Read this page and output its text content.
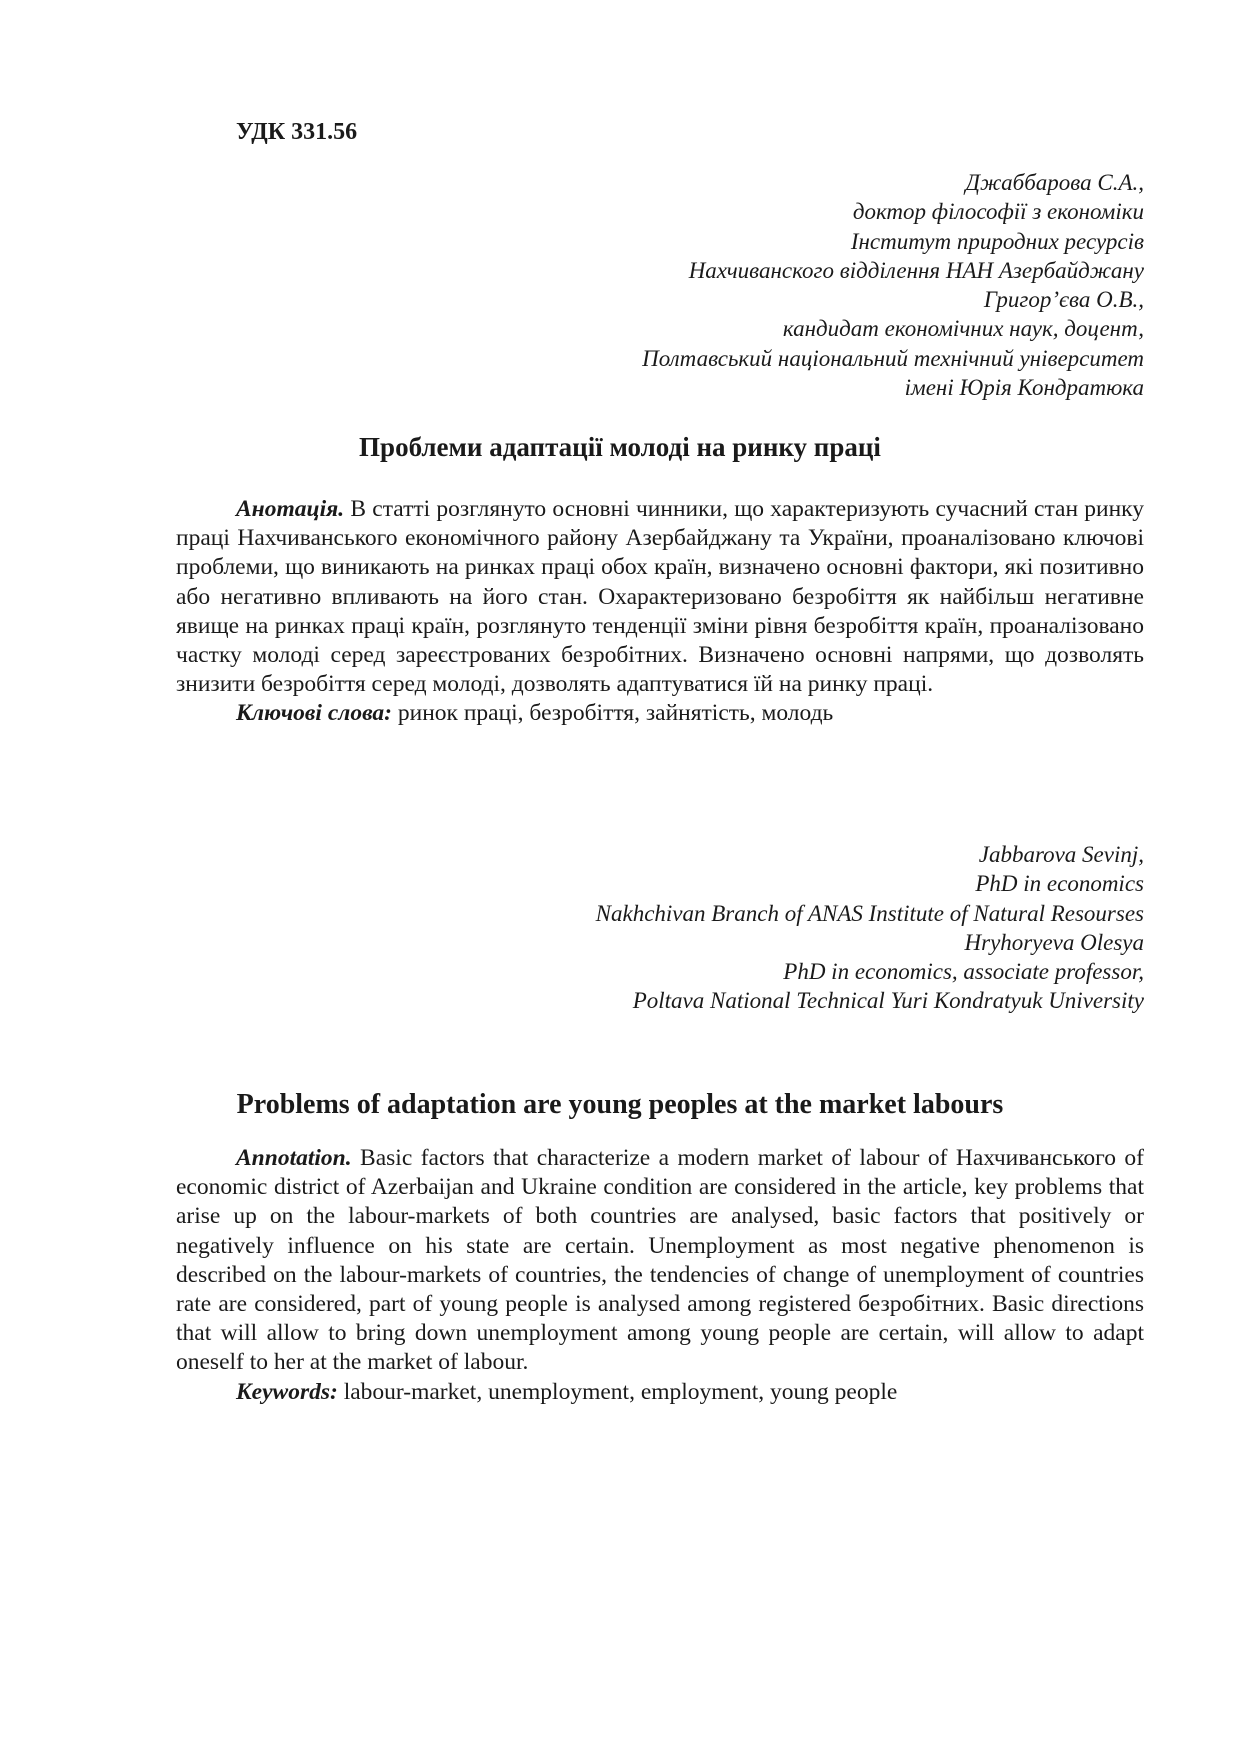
УДК 331.56
Джаббарова С.А.,
доктор філософії з економіки
Інститут природних ресурсів
Нахчиванского відділення НАН Азербайджану
Григор’єва О.В.,
кандидат економічних наук, доцент,
Полтавський національний технічний університет
імені Юрія Кондратюка
Проблеми адаптації молоді на ринку праці

Анотація. В статті розглянуто основні чинники, що характеризують сучасний стан ринку праці Нахчиванського економічного району Азербайджану та України, проаналізовано ключові проблеми, що виникають на ринках праці обох країн, визначено основні фактори, які позитивно або негативно впливають на його стан. Охарактеризовано безробіття як найбільш негативне явище на ринках праці країн, розглянуто тенденції зміни рівня безробіття країн, проаналізовано частку молоді серед зареєстрованих безробітних. Визначено основні напрями, що дозволять знизити безробіття серед молоді, дозволять адаптуватися їй на ринку праці.

Ключові слова: ринок праці, безробіття, зайнятість, молодь

Jabbarova Sevinj,
PhD in economics
Nakhchivan Branch of ANAS Institute of Natural Resourses
Hryhoryeva Olesya
PhD in economics, associate professor,
Poltava National Technical Yuri Kondratyuk University
Problems of adaptation are young peoples at the market labours

Annotation. Basic factors that characterize a modern market of labour of Нахчиванського of economic district of Azerbaijan and Ukraine condition are considered in the article, key problems that arise up on the labour-markets of both countries are analysed, basic factors that positively or negatively influence on his state are certain. Unemployment as most negative phenomenon is described on the labour-markets of countries, the tendencies of change of unemployment of countries rate are considered, part of young people is analysed among registered безробітних. Basic directions that will allow to bring down unemployment among young people are certain, will allow to adapt oneself to her at the market of labour.

Keywords: labour-market, unemployment, employment, young people
